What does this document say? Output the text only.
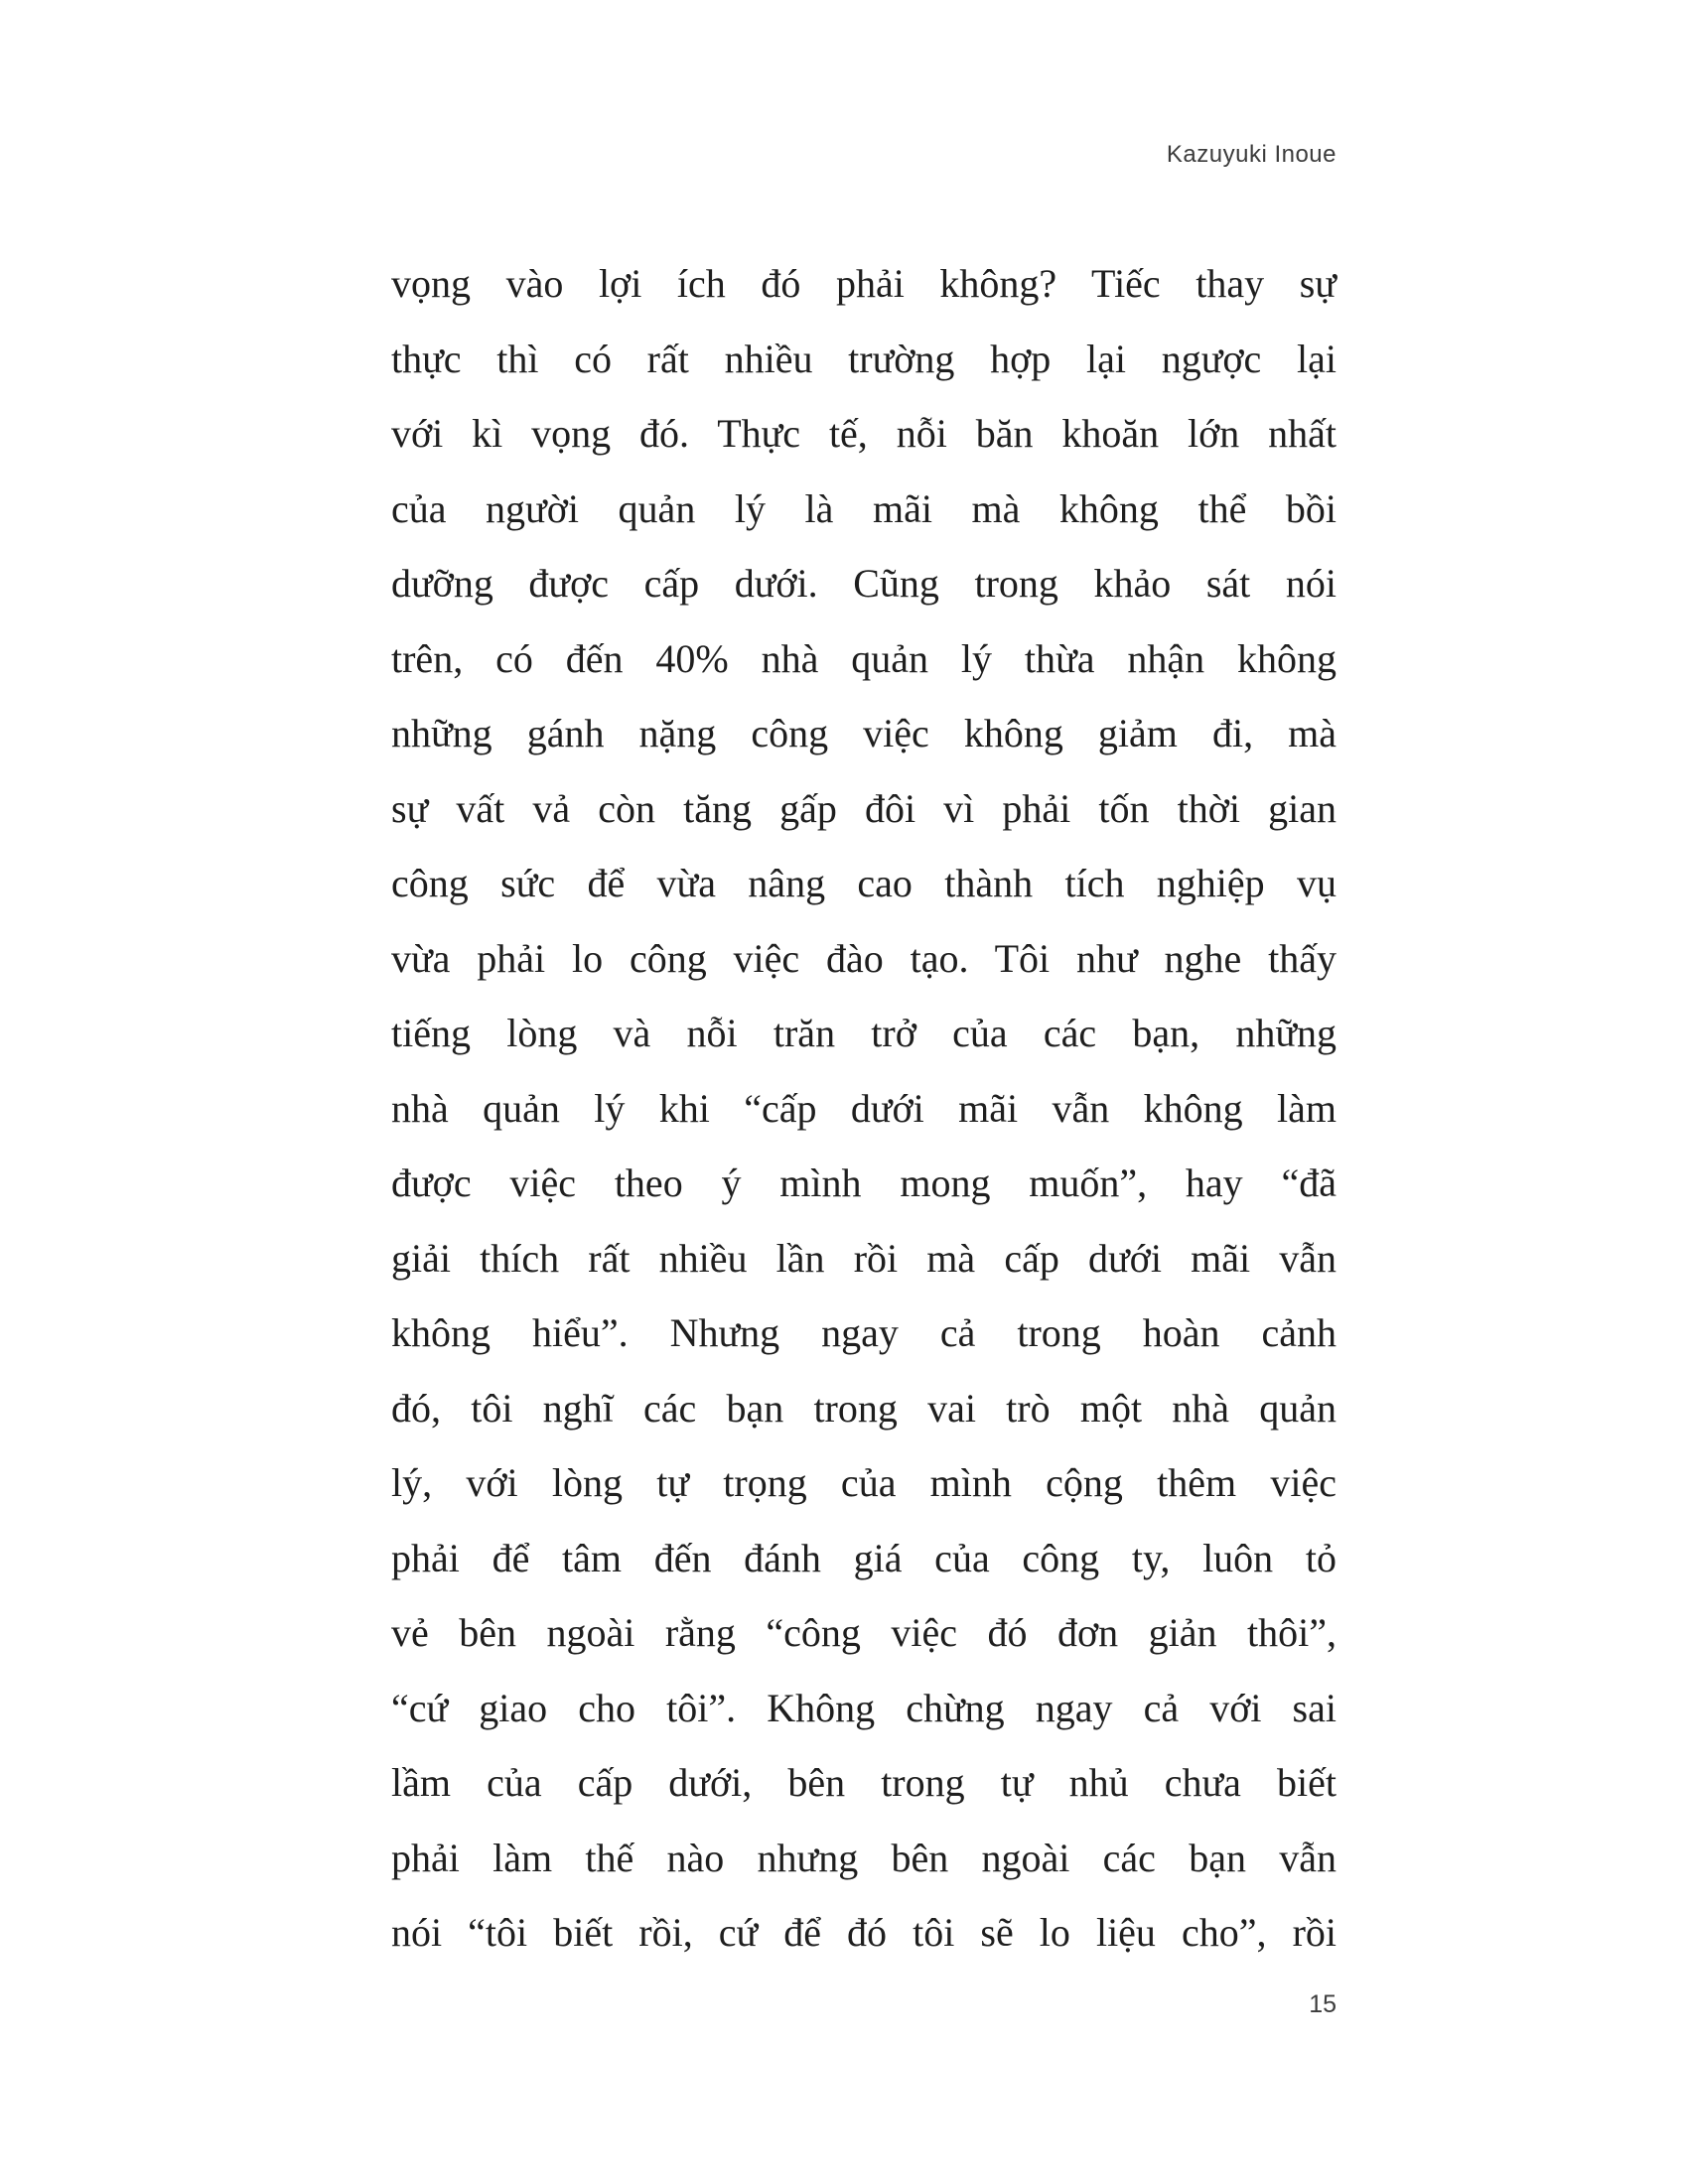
Kazuyuki Inoue
vọng vào lợi ích đó phải không? Tiếc thay sự
thực thì có rất nhiều trường hợp lại ngược lại
với kì vọng đó. Thực tế, nỗi băn khoăn lớn nhất
của người quản lý là mãi mà không thể bồi
dưỡng được cấp dưới. Cũng trong khảo sát nói
trên, có đến 40% nhà quản lý thừa nhận không
những gánh nặng công việc không giảm đi, mà
sự vất vả còn tăng gấp đôi vì phải tốn thời gian
công sức để vừa nâng cao thành tích nghiệp vụ
vừa phải lo công việc đào tạo. Tôi như nghe thấy
tiếng lòng và nỗi trăn trở của các bạn, những
nhà quản lý khi “cấp dưới mãi vẫn không làm
được việc theo ý mình mong muốn”, hay “đã
giải thích rất nhiều lần rồi mà cấp dưới mãi vẫn
không hiểu”. Nhưng ngay cả trong hoàn cảnh
đó, tôi nghĩ các bạn trong vai trò một nhà quản
lý, với lòng tự trọng của mình cộng thêm việc
phải để tâm đến đánh giá của công ty, luôn tỏ
vẻ bên ngoài rằng “công việc đó đơn giản thôi”,
“cứ giao cho tôi”. Không chừng ngay cả với sai
lầm của cấp dưới, bên trong tự nhủ chưa biết
phải làm thế nào nhưng bên ngoài các bạn vẫn
nói “tôi biết rồi, cứ để đó tôi sẽ lo liệu cho”, rồi
15
